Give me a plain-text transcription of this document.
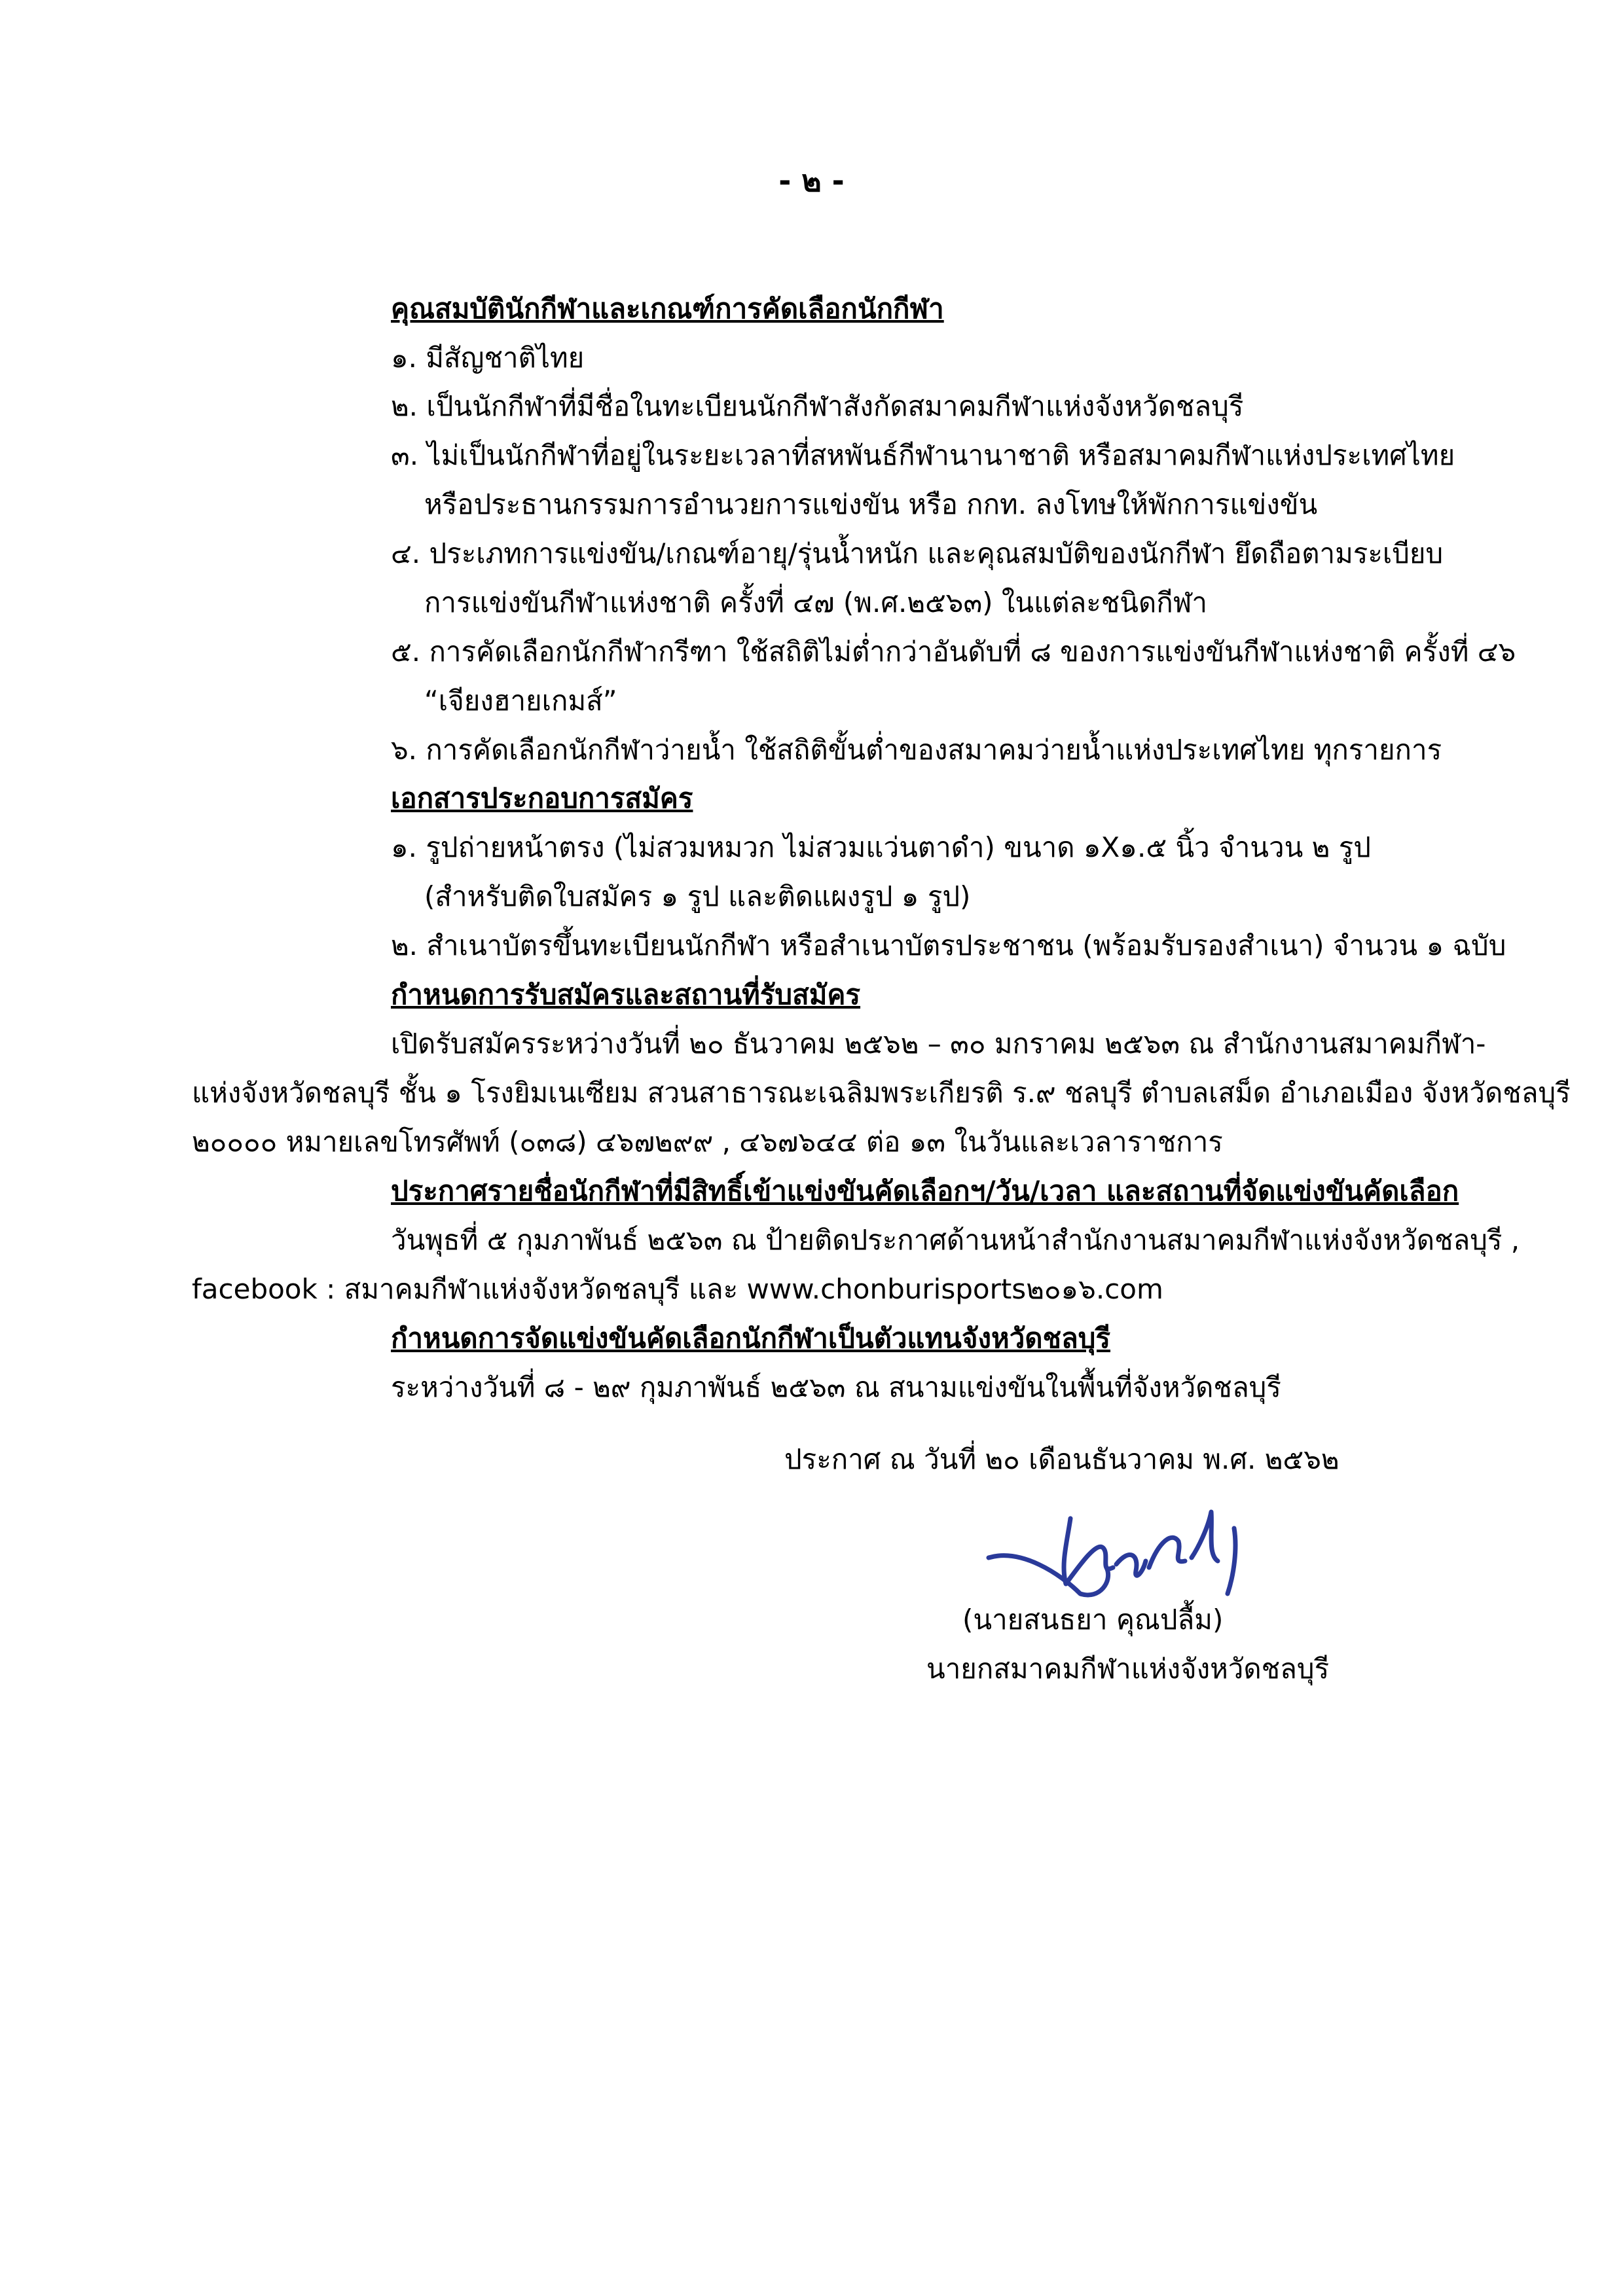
- ๒ -
คุณสมบัตินักกีฬาและเกณฑ์การคัดเลือกนักกีฬา
๑. มีสัญชาติไทย
๒. เป็นนักกีฬาที่มีชื่อในทะเบียนนักกีฬาสังกัดสมาคมกีฬาแห่งจังหวัดชลบุรี
๓. ไม่เป็นนักกีฬาที่อยู่ในระยะเวลาที่สหพันธ์กีฬานานาชาติ หรือสมาคมกีฬาแห่งประเทศไทย
หรือประธานกรรมการอำนวยการแข่งขัน หรือ กกท. ลงโทษให้พักการแข่งขัน
๔. ประเภทการแข่งขัน/เกณฑ์อายุ/รุ่นน้ำหนัก และคุณสมบัติของนักกีฬา ยึดถือตามระเบียบ
การแข่งขันกีฬาแห่งชาติ ครั้งที่ ๔๗ (พ.ศ.๒๕๖๓) ในแต่ละชนิดกีฬา
๕. การคัดเลือกนักกีฬากรีฑา ใช้สถิติไม่ต่ำกว่าอันดับที่ ๘ ของการแข่งขันกีฬาแห่งชาติ ครั้งที่ ๔๖
“เจียงฮายเกมส์”
๖. การคัดเลือกนักกีฬาว่ายน้ำ ใช้สถิติขั้นต่ำของสมาคมว่ายน้ำแห่งประเทศไทย ทุกรายการ
เอกสารประกอบการสมัคร
๑. รูปถ่ายหน้าตรง (ไม่สวมหมวก ไม่สวมแว่นตาดำ) ขนาด ๑X๑.๕ นิ้ว จำนวน ๒ รูป
(สำหรับติดใบสมัคร ๑ รูป และติดแผงรูป ๑ รูป)
๒. สำเนาบัตรขึ้นทะเบียนนักกีฬา หรือสำเนาบัตรประชาชน (พร้อมรับรองสำเนา) จำนวน ๑ ฉบับ
กำหนดการรับสมัครและสถานที่รับสมัคร
เปิดรับสมัครระหว่างวันที่ ๒๐ ธันวาคม ๒๕๖๒ – ๓๐ มกราคม ๒๕๖๓ ณ สำนักงานสมาคมกีฬา-
แห่งจังหวัดชลบุรี ชั้น ๑ โรงยิมเนเซียม สวนสาธารณะเฉลิมพระเกียรติ ร.๙ ชลบุรี ตำบลเสม็ด อำเภอเมือง จังหวัดชลบุรี
๒๐๐๐๐ หมายเลขโทรศัพท์ (๐๓๘) ๔๖๗๒๙๙ , ๔๖๗๖๔๔ ต่อ ๑๓ ในวันและเวลาราชการ
ประกาศรายชื่อนักกีฬาที่มีสิทธิ์เข้าแข่งขันคัดเลือกฯ/วัน/เวลา และสถานที่จัดแข่งขันคัดเลือก
วันพุธที่ ๕ กุมภาพันธ์ ๒๕๖๓ ณ ป้ายติดประกาศด้านหน้าสำนักงานสมาคมกีฬาแห่งจังหวัดชลบุรี ,
facebook : สมาคมกีฬาแห่งจังหวัดชลบุรี และ www.chonburisports๒๐๑๖.com
กำหนดการจัดแข่งขันคัดเลือกนักกีฬาเป็นตัวแทนจังหวัดชลบุรี
ระหว่างวันที่ ๘ - ๒๙ กุมภาพันธ์ ๒๕๖๓ ณ สนามแข่งขันในพื้นที่จังหวัดชลบุรี
ประกาศ ณ วันที่ ๒๐ เดือนธันวาคม พ.ศ. ๒๕๖๒
(นายสนธยา คุณปลื้ม)
นายกสมาคมกีฬาแห่งจังหวัดชลบุรี
